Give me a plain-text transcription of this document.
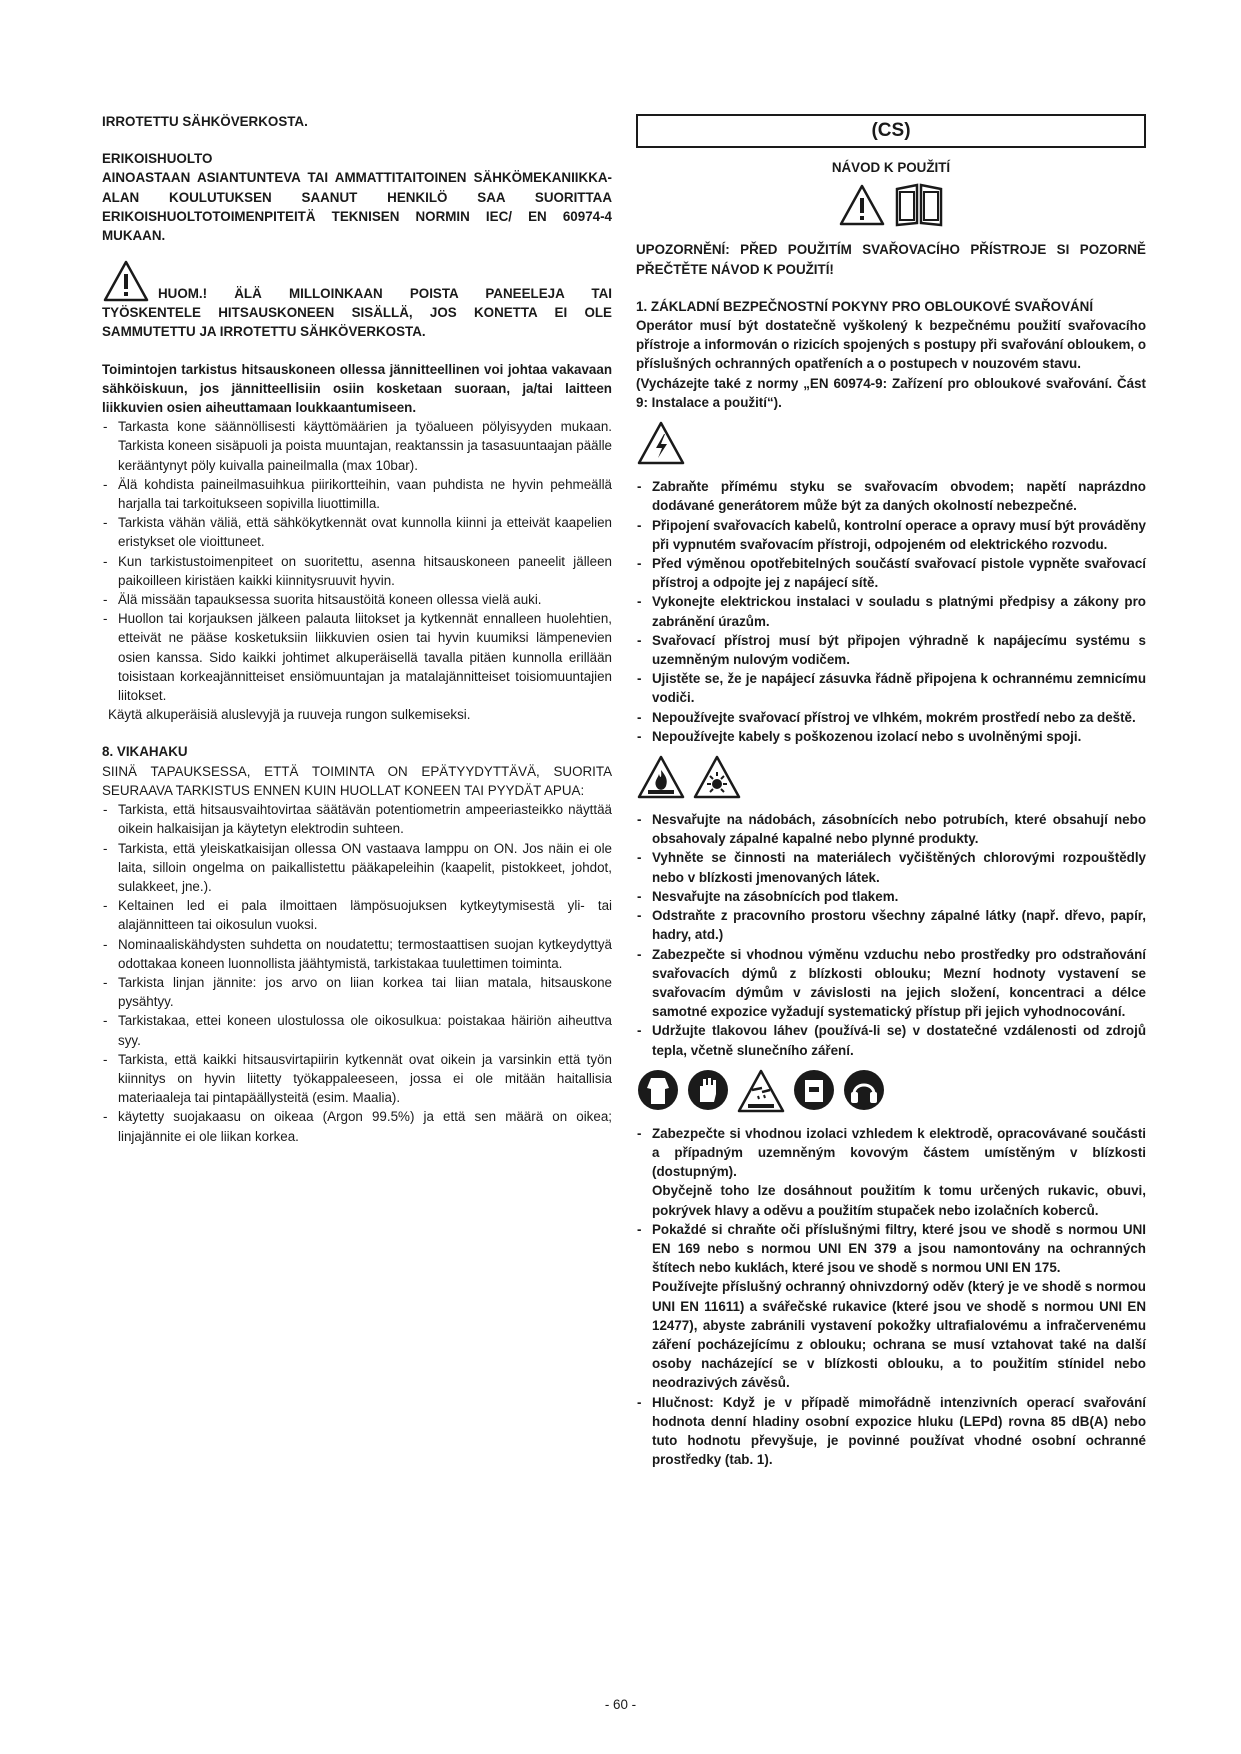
IRROTETTU SÄHKÖVERKOSTA.

ERIKOISHUOLTO

AINOASTAAN ASIANTUNTEVA TAI AMMATTITAITOINEN SÄHKÖMEKANIIKKA-ALAN KOULUTUKSEN SAANUT HENKILÖ SAA SUORITTAA ERIKOISHUOLTOTOIMENPITEITÄ TEKNISEN NORMIN IEC/ EN 60974-4 MUKAAN.

HUOM.! ÄLÄ MILLOINKAAN POISTA PANEELEJA TAI

TYÖSKENTELE HITSAUSKONEEN SISÄLLÄ, JOS KONETTA EI OLE SAMMUTETTU JA IRROTETTU SÄHKÖVERKOSTA.

Toimintojen tarkistus hitsauskoneen ollessa jännitteellinen voi johtaa vakavaan sähköiskuun, jos jännitteellisiin osiin kosketaan suoraan, ja/tai laitteen liikkuvien osien aiheuttamaan loukkaantumiseen.

- Tarkasta kone säännöllisesti käyttömäärien ja työalueen pölyisyyden mukaan. Tarkista koneen sisäpuoli ja poista muuntajan, reaktanssin ja tasasuuntaajan päälle kerääntynyt pöly kuivalla paineilmalla (max 10bar).
- Älä kohdista paineilmasuihkua piirikortteihin, vaan puhdista ne hyvin pehmeällä harjalla tai tarkoitukseen sopivilla liuottimilla.
- Tarkista vähän väliä, että sähkökytkennät ovat kunnolla kiinni ja etteivät kaapelien eristykset ole vioittuneet.
- Kun tarkistustoimenpiteet on suoritettu, asenna hitsauskoneen paneelit jälleen paikoilleen kiristäen kaikki kiinnitysruuvit hyvin.
- Älä missään tapauksessa suorita hitsaustöitä koneen ollessa vielä auki.
- Huollon tai korjauksen jälkeen palauta liitokset ja kytkennät ennalleen huolehtien, etteivät ne pääse kosketuksiin liikkuvien osien tai hyvin kuumiksi lämpenevien osien kanssa. Sido kaikki johtimet alkuperäisellä tavalla pitäen kunnolla erillään toisistaan korkeajännitteiset ensiömuuntajan ja matalajännitteiset toisiomuuntajien liitokset.

Käytä alkuperäisiä aluslevyjä ja ruuveja rungon sulkemiseksi.

8. VIKAHAKU

SIINÄ TAPAUKSESSA, ETTÄ TOIMINTA ON EPÄTYYDYTTÄVÄ, SUORITA SEURAAVA TARKISTUS ENNEN KUIN HUOLLAT KONEEN TAI PYYDÄT APUA:

- Tarkista, että hitsausvaihtovirtaa säätävän potentiometrin ampeeriasteikko näyttää oikein halkaisijan ja käytetyn elektrodin suhteen.
- Tarkista, että yleiskatkaisijan ollessa ON vastaava lamppu on ON. Jos näin ei ole laita, silloin ongelma on paikallistettu pääkapeleihin (kaapelit, pistokkeet, johdot, sulakkeet, jne.).
- Keltainen led ei pala ilmoittaen lämpösuojuksen kytkeytymisestä yli- tai alajännitteen tai oikosulun vuoksi.
- Nominaaliskähdysten suhdetta on noudatettu; termostaattisen suojan kytkeydyttyä odottakaa koneen luonnollista jäähtymistä, tarkistakaa tuulettimen toiminta.
- Tarkista linjan jännite: jos arvo on liian korkea tai liian matala, hitsauskone pysähtyy.
- Tarkistakaa, ettei koneen ulostulossa ole oikosulkua: poistakaa häiriön aiheuttva syy.
- Tarkista, että kaikki hitsausvirtapiirin kytkennät ovat oikein ja varsinkin että työn kiinnitys on hyvin liitetty työkappaleeseen, jossa ei ole mitään haitallisia materiaaleja tai pintapäällysteitä (esim. Maalia).
- käytetty suojakaasu on oikeaa (Argon 99.5%) ja että sen määrä on oikea; linjajännite ei ole liikan korkea.
(CS)

NÁVOD K POUŽITÍ

UPOZORNĚNÍ: PŘED POUŽITÍM SVAŘOVACÍHO PŘÍSTROJE SI POZORNĚ PŘEČTĚTE NÁVOD K POUŽITÍ!

1. ZÁKLADNÍ BEZPEČNOSTNÍ POKYNY PRO OBLOUKOVÉ SVAŘOVÁNÍ

Operátor musí být dostatečně vyškolený k bezpečnému použití svařovacího přístroje a informován o rizicích spojených s postupy při svařování obloukem, o příslušných ochranných opatřeních a o postupech v nouzovém stavu.

(Vycházejte také z normy „EN 60974-9: Zařízení pro obloukové svařování. Část 9: Instalace a použití“).

- Zabraňte přímému styku se svařovacím obvodem; napětí naprázdno dodávané generátorem může být za daných okolností nebezpečné.
- Připojení svařovacích kabelů, kontrolní operace a opravy musí být prováděny při vypnutém svařovacím přístroji, odpojeném od elektrického rozvodu.
- Před výměnou opotřebitelných součástí svařovací pistole vypněte svařovací přístroj a odpojte jej z napájecí sítě.
- Vykonejte elektrickou instalaci v souladu s platnými předpisy a zákony pro zabránění úrazům.
- Svařovací přístroj musí být připojen výhradně k napájecímu systému s uzemněným nulovým vodičem.
- Ujistěte se, že je napájecí zásuvka řádně připojena k ochrannému zemnicímu vodiči.
- Nepoužívejte svařovací přístroj ve vlhkém, mokrém prostředí nebo za deště.
- Nepoužívejte kabely s poškozenou izolací nebo s uvolněnými spoji.
- Nesvařujte na nádobách, zásobnících nebo potrubích, které obsahují nebo obsahovaly zápalné kapalné nebo plynné produkty.
- Vyhněte se činnosti na materiálech vyčištěných chlorovými rozpouštědly nebo v blízkosti jmenovaných látek.
- Nesvařujte na zásobnících pod tlakem.
- Odstraňte z pracovního prostoru všechny zápalné látky (např. dřevo, papír, hadry, atd.)
- Zabezpečte si vhodnou výměnu vzduchu nebo prostředky pro odstraňování svařovacích dýmů z blízkosti oblouku; Mezní hodnoty vystavení se svařovacím dýmům v závislosti na jejich složení, koncentraci a délce samotné expozice vyžadují systematický přístup při jejich vyhodnocování.
- Udržujte tlakovou láhev (používá-li se) v dostatečné vzdálenosti od zdrojů tepla, včetně slunečního záření.
- Zabezpečte si vhodnou izolaci vzhledem k elektrodě, opracovávané součásti a případným uzemněným kovovým částem umístěným v blízkosti (dostupným).

Obyčejně toho lze dosáhnout použitím k tomu určených rukavic, obuvi, pokrývek hlavy a oděvu a použitím stupaček nebo izolačních koberců.

- Pokaždé si chraňte oči příslušnými filtry, které jsou ve shodě s normou UNI EN 169 nebo s normou UNI EN 379 a jsou namontovány na ochranných štítech nebo kuklách, které jsou ve shodě s normou UNI EN 175.

Používejte příslušný ochranný ohnivzdorný oděv (který je ve shodě s normou UNI EN 11611) a svářečské rukavice (které jsou ve shodě s normou UNI EN 12477), abyste zabránili vystavení pokožky ultrafialovému a infračervenému záření pocházejícímu z oblouku; ochrana se musí vztahovat také na další osoby nacházející se v blízkosti oblouku, a to použitím stínidel nebo neodrazivých závěsů.

- Hlučnost: Když je v případě mimořádně intenzivních operací svařování hodnota denní hladiny osobní expozice hluku (LEPd) rovna 85 dB(A) nebo tuto hodnotu převyšuje, je povinné používat vhodné osobní ochranné prostředky (tab. 1).
- 60 -
